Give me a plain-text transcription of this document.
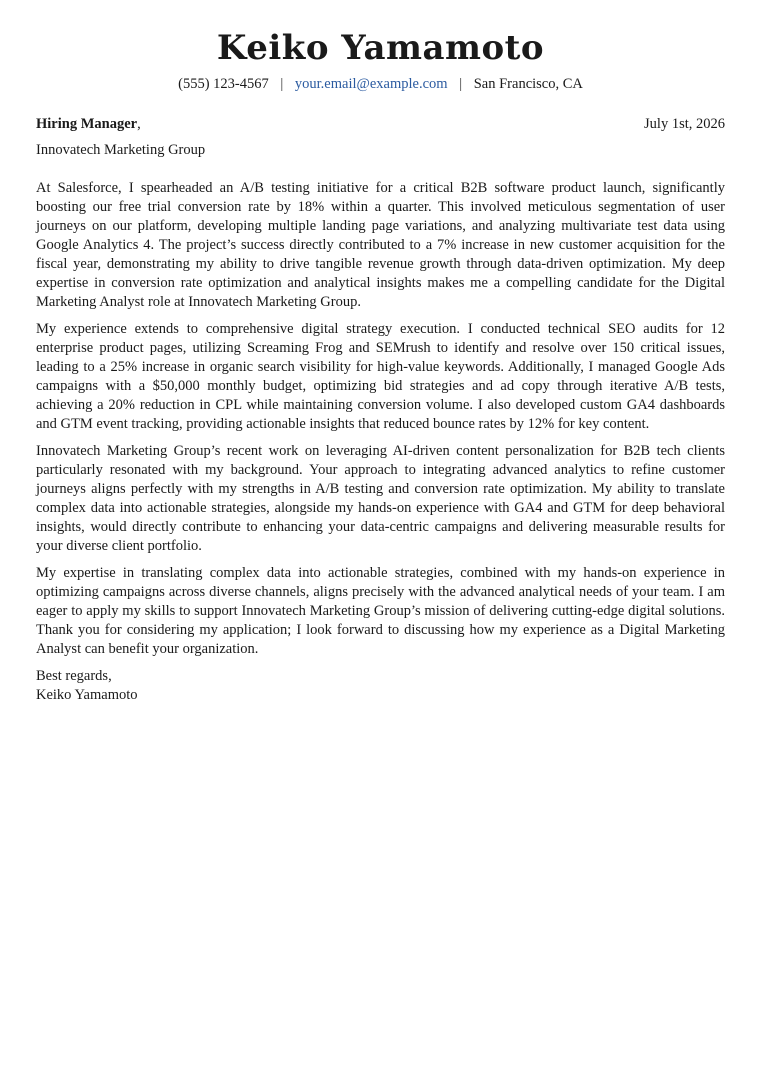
Keiko Yamamoto
(555) 123-4567 | your.email@example.com | San Francisco, CA
Hiring Manager,	July 1st, 2026
Innovatech Marketing Group

At Salesforce, I spearheaded an A/B testing initiative for a critical B2B software product launch, significantly boosting our free trial conversion rate by 18% within a quarter. This involved meticulous segmentation of user journeys on our platform, developing multiple landing page variations, and analyzing multivariate test data using Google Analytics 4. The project’s success directly contributed to a 7% increase in new customer acquisition for the fiscal year, demonstrating my ability to drive tangible revenue growth through data-driven optimization. My deep expertise in conversion rate optimization and analytical insights makes me a compelling candidate for the Digital Marketing Analyst role at Innovatech Marketing Group.

My experience extends to comprehensive digital strategy execution. I conducted technical SEO audits for 12 enterprise product pages, utilizing Screaming Frog and SEMrush to identify and resolve over 150 critical issues, leading to a 25% increase in organic search visibility for high-value keywords. Additionally, I managed Google Ads campaigns with a $50,000 monthly budget, optimizing bid strategies and ad copy through iterative A/B tests, achieving a 20% reduction in CPL while maintaining conversion volume. I also developed custom GA4 dashboards and GTM event tracking, providing actionable insights that reduced bounce rates by 12% for key content.

Innovatech Marketing Group’s recent work on leveraging AI-driven content personalization for B2B tech clients particularly resonated with my background. Your approach to integrating advanced analytics to refine customer journeys aligns perfectly with my strengths in A/B testing and conversion rate optimization. My ability to translate complex data into actionable strategies, alongside my hands-on experience with GA4 and GTM for deep behavioral insights, would directly contribute to enhancing your data-centric campaigns and delivering measurable results for your diverse client portfolio.

My expertise in translating complex data into actionable strategies, combined with my hands-on experience in optimizing campaigns across diverse channels, aligns precisely with the advanced analytical needs of your team. I am eager to apply my skills to support Innovatech Marketing Group’s mission of delivering cutting-edge digital solutions. Thank you for considering my application; I look forward to discussing how my experience as a Digital Marketing Analyst can benefit your organization.

Best regards,
Keiko Yamamoto
